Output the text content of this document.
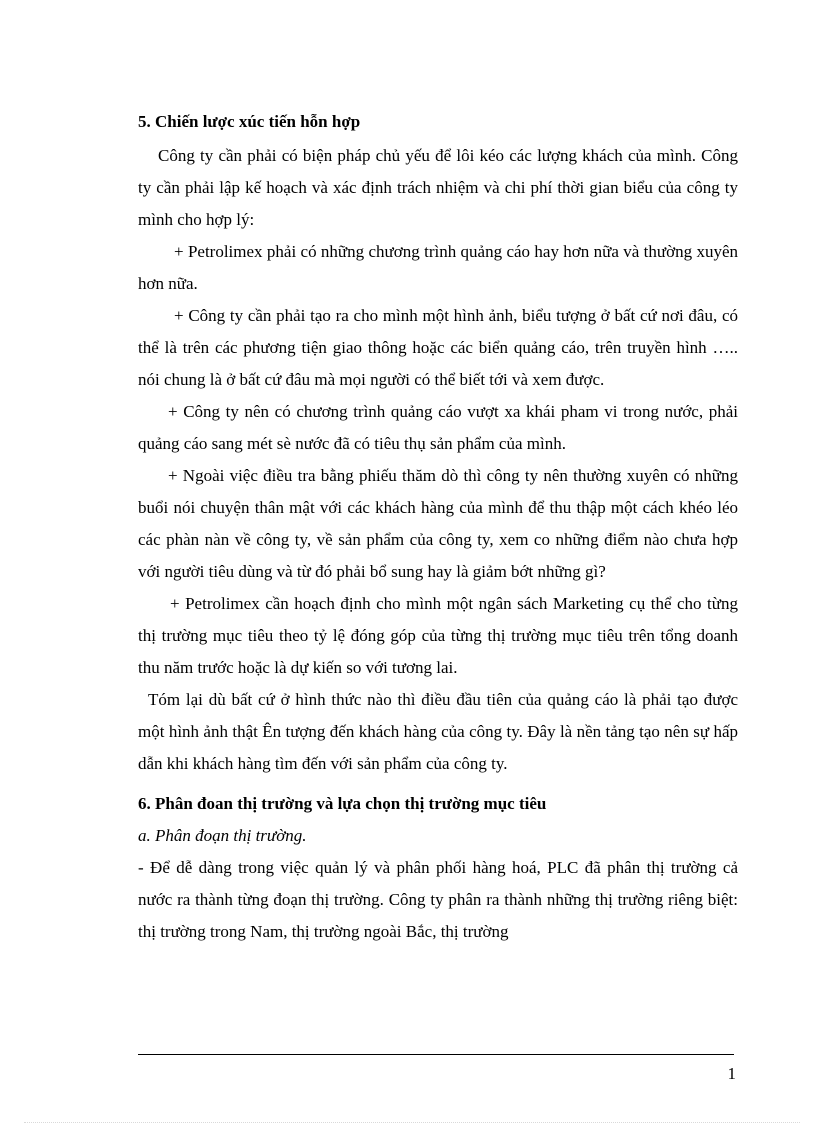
5. Chiến lược xúc tiến hỗn hợp

Công ty cần phải có biện pháp chủ yếu để lôi kéo các lượng khách của mình. Công ty cần phải lập kế hoạch và xác định trách nhiệm và chi phí thời gian biểu của công ty mình cho hợp lý:

+ Petrolimex phải có những chương trình quảng cáo hay hơn nữa và thường xuyên hơn nữa.

+ Công ty cần phải tạo ra cho mình một hình ảnh, biểu tượng ở bất cứ nơi đâu, có thể là trên các phương tiện giao thông hoặc các biển quảng cáo, trên truyền hình ….. nói chung là ở bất cứ đâu mà mọi người có thể biết tới và xem được.

+ Công ty nên có chương trình quảng cáo vượt xa khái pham vi trong nước, phải quảng cáo sang mét sè nước đã có tiêu thụ sản phẩm của mình.

+ Ngoài việc điều tra bằng phiếu thăm dò thì công ty nên thường xuyên có những buổi nói chuyện thân mật với các khách hàng của mình để thu thập một cách khéo léo các phàn nàn về công ty, về sản phẩm của công ty, xem co những điểm nào chưa hợp với người tiêu dùng và từ đó phải bổ sung hay là giảm bớt những gì?

+ Petrolimex cần hoạch định cho mình một ngân sách Marketing cụ thể cho từng thị trường mục tiêu theo tỷ lệ đóng góp của từng thị trường mục tiêu trên tổng doanh thu năm trước hoặc là dự kiến so với tương lai.

Tóm lại dù bất cứ ở hình thức nào thì điều đầu tiên của quảng cáo là phải tạo được một hình ảnh thật Ên tượng đến khách hàng của công ty. Đây là nền tảng tạo nên sự hấp dẫn khi khách hàng tìm đến với sản phẩm của công ty.

6. Phân đoan thị trường và lựa chọn thị trường mục tiêu

a. Phân đoạn thị trường.

- Để dễ dàng trong việc quản lý và phân phối hàng hoá, PLC đã phân thị trường cả nước ra thành từng đoạn thị trường. Công ty phân ra thành những thị trường riêng biệt: thị trường trong Nam, thị trường ngoài Bắc, thị trường

1
